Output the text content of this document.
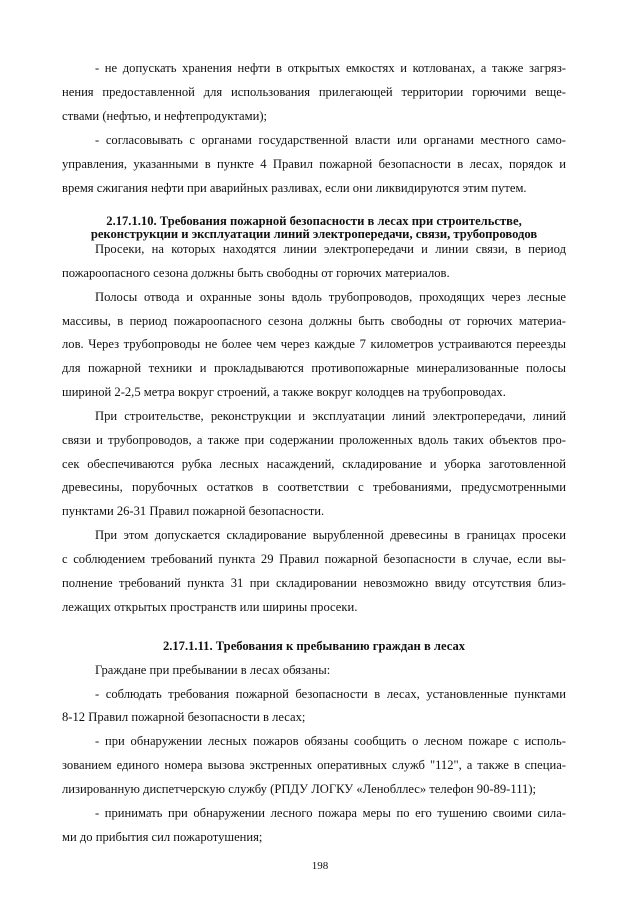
- не допускать хранения нефти в открытых емкостях и котлованах, а также загряз-
нения предоставленной для использования прилегающей территории горючими веще-
ствами (нефтью, и нефтепродуктами);
- согласовывать с органами государственной власти или органами местного само-
управления, указанными в пункте 4 Правил пожарной безопасности в лесах, порядок и
время сжигания нефти при аварийных разливах, если они ликвидируются этим путем.
2.17.1.10. Требования пожарной безопасности в лесах при строительстве,
реконструкции и эксплуатации линий электропередачи, связи, трубопроводов
Просеки, на которых находятся линии электропередачи и линии связи, в период
пожароопасного сезона должны быть свободны от горючих материалов.
Полосы отвода и охранные зоны вдоль трубопроводов, проходящих через лесные
массивы, в период пожароопасного сезона должны быть свободны от горючих материа-
лов. Через трубопроводы не более чем через каждые 7 километров устраиваются переезды
для пожарной техники и прокладываются противопожарные минерализованные полосы
шириной 2-2,5 метра вокруг строений, а также вокруг колодцев на трубопроводах.
При строительстве, реконструкции и эксплуатации линий электропередачи, линий
связи и трубопроводов, а также при содержании проложенных вдоль таких объектов про-
сек обеспечиваются рубка лесных насаждений, складирование и уборка заготовленной
древесины, порубочных остатков в соответствии с требованиями, предусмотренными
пунктами 26-31 Правил пожарной безопасности.
При этом допускается складирование вырубленной древесины в границах просеки
с соблюдением требований пункта 29 Правил пожарной безопасности в случае, если вы-
полнение требований пункта 31 при складировании невозможно ввиду отсутствия близ-
лежащих открытых пространств или ширины просеки.
2.17.1.11. Требования к пребыванию граждан в лесах
Граждане при пребывании в лесах обязаны:
- соблюдать требования пожарной безопасности в лесах, установленные пунктами
8-12 Правил пожарной безопасности в лесах;
- при обнаружении лесных пожаров обязаны сообщить о лесном пожаре с исполь-
зованием единого номера вызова экстренных оперативных служб "112", а также в специа-
лизированную диспетчерскую службу (РПДУ ЛОГКУ «Ленобллес» телефон 90-89-111);
- принимать при обнаружении лесного пожара меры по его тушению своими сила-
ми до прибытия сил пожаротушения;
198
